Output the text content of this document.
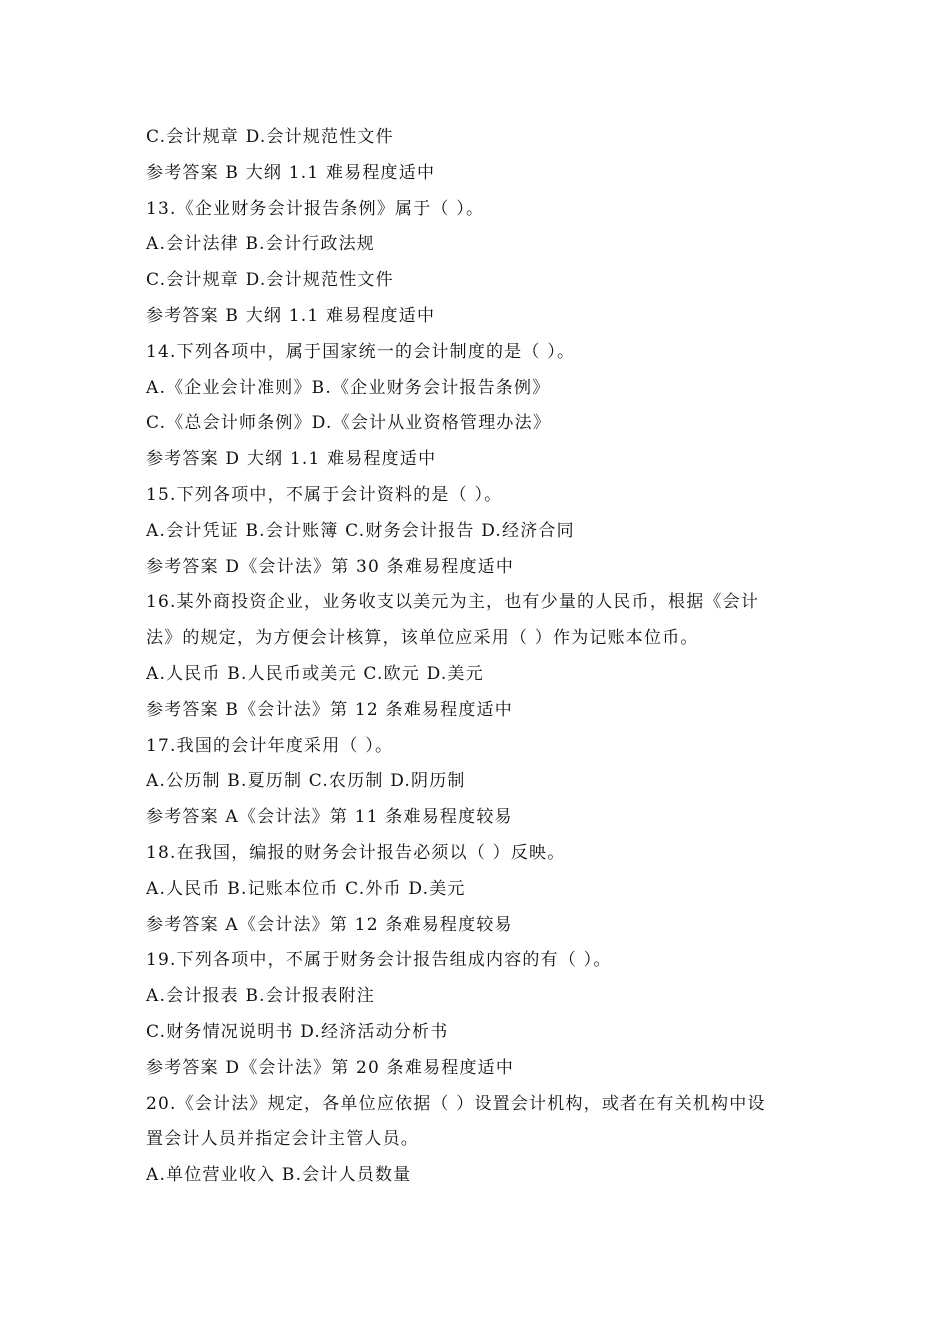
C.会计规章 D.会计规范性文件
参考答案 B 大纲 1.1 难易程度适中
13.《企业财务会计报告条例》属于（ ）。
A.会计法律 B.会计行政法规
C.会计规章 D.会计规范性文件
参考答案 B 大纲 1.1 难易程度适中
14.下列各项中，属于国家统一的会计制度的是（ ）。
A.《企业会计准则》B.《企业财务会计报告条例》
C.《总会计师条例》D.《会计从业资格管理办法》
参考答案 D 大纲 1.1 难易程度适中
15.下列各项中，不属于会计资料的是（ ）。
A.会计凭证 B.会计账簿 C.财务会计报告 D.经济合同
参考答案 D《会计法》第 30 条难易程度适中
16.某外商投资企业，业务收支以美元为主，也有少量的人民币，根据《会计
法》的规定，为方便会计核算，该单位应采用（ ）作为记账本位币。
A.人民币 B.人民币或美元 C.欧元 D.美元
参考答案 B《会计法》第 12 条难易程度适中
17.我国的会计年度采用（ ）。
A.公历制 B.夏历制 C.农历制 D.阴历制
参考答案 A《会计法》第 11 条难易程度较易
18.在我国，编报的财务会计报告必须以（ ）反映。
A.人民币 B.记账本位币 C.外币 D.美元
参考答案 A《会计法》第 12 条难易程度较易
19.下列各项中，不属于财务会计报告组成内容的有（ ）。
A.会计报表 B.会计报表附注
C.财务情况说明书 D.经济活动分析书
参考答案 D《会计法》第 20 条难易程度适中
20.《会计法》规定，各单位应依据（ ）设置会计机构，或者在有关机构中设
置会计人员并指定会计主管人员。
A.单位营业收入 B.会计人员数量
